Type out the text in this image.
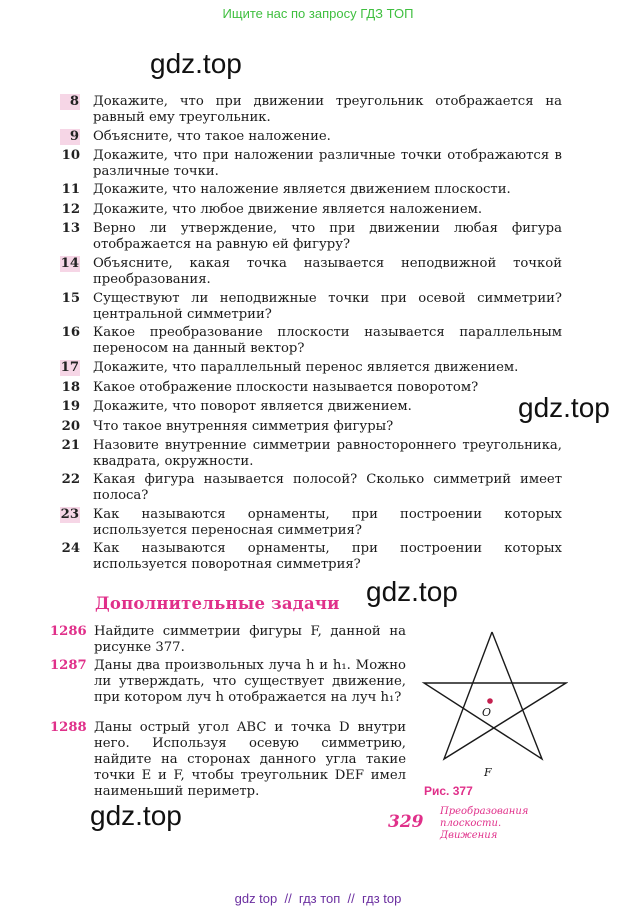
Ищите нас по запросу ГДЗ ТОП
gdz.top
gdz.top
gdz.top
gdz.top
8 Докажите, что при движении треугольник отображается на равный ему треугольник.
9 Объясните, что такое наложение.
10 Докажите, что при наложении различные точки отображаются в различные точки.
11 Докажите, что наложение является движением плоскости.
12 Докажите, что любое движение является наложением.
13 Верно ли утверждение, что при движении любая фигура отображается на равную ей фигуру?
14 Объясните, какая точка называется неподвижной точкой преобразования.
15 Существуют ли неподвижные точки при осевой симметрии? центральной симметрии?
16 Какое преобразование плоскости называется параллельным переносом на данный вектор?
17 Докажите, что параллельный перенос является движением.
18 Какое отображение плоскости называется поворотом?
19 Докажите, что поворот является движением.
20 Что такое внутренняя симметрия фигуры?
21 Назовите внутренние симметрии равностороннего треугольника, квадрата, окружности.
22 Какая фигура называется полосой? Сколько симметрий имеет полоса?
23 Как называются орнаменты, при построении которых используется переносная симметрия?
24 Как называются орнаменты, при построении которых используется поворотная симметрия?
Дополнительные задачи
1286 Найдите симметрии фигуры F, данной на рисунке 377.
1287 Даны два произвольных луча h и h₁. Можно ли утверждать, что существует движение, при котором луч h отображается на луч h₁?
1288 Даны острый угол ABC и точка D внутри него. Используя осевую симметрию, найдите на сторонах данного угла такие точки E и F, чтобы треугольник DEF имел наименьший периметр.
O
F
Рис. 377
329
Преобразования
плоскости.
Движения
gdz top  //  гдз топ  //  гдз top
